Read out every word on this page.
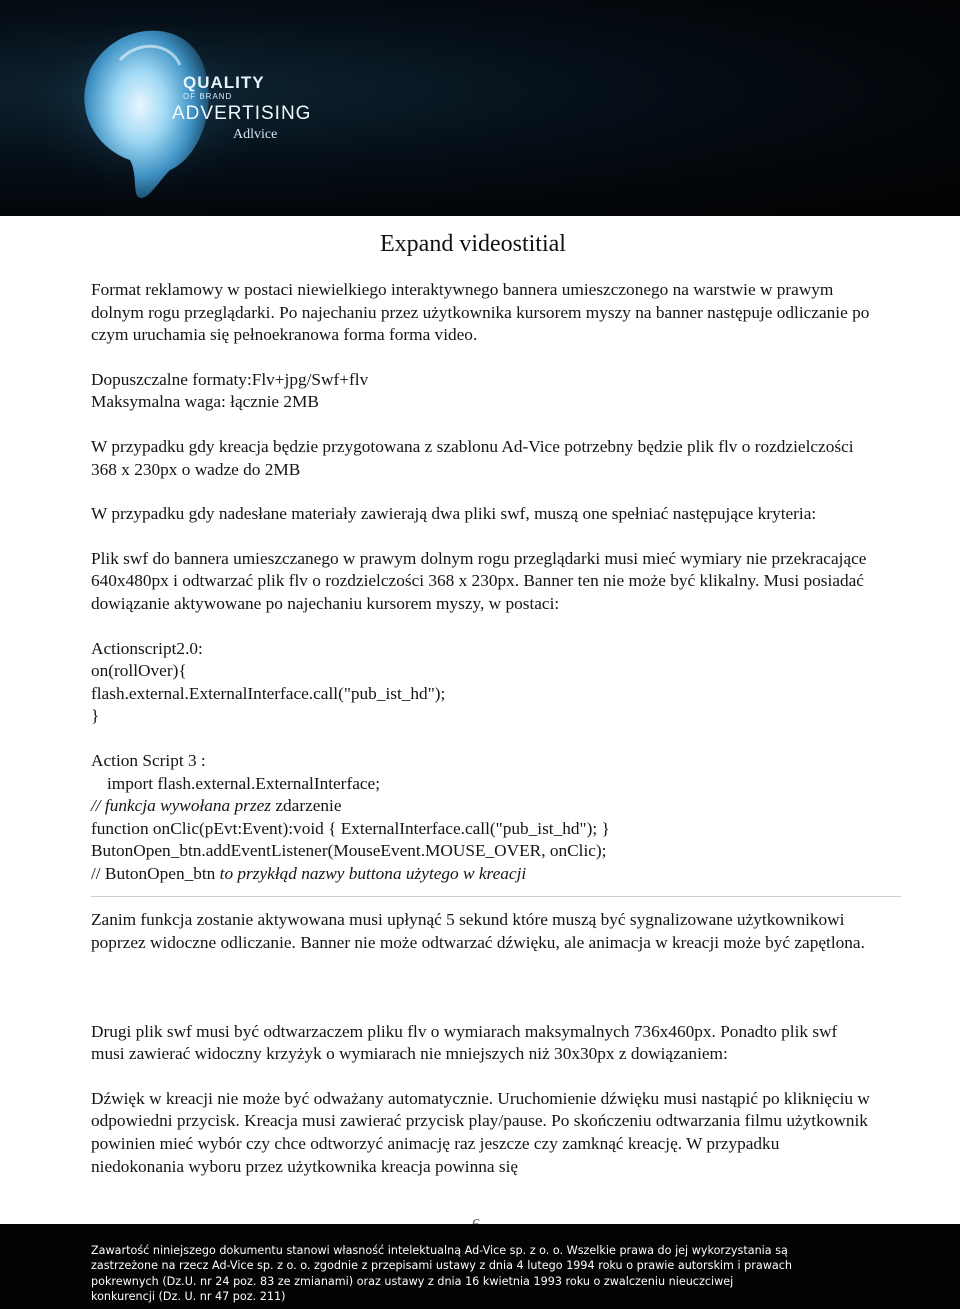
QUALITY
OF BRAND
ADVERTISING
Adlvice
Expand videostitial

Format reklamowy w postaci niewielkiego interaktywnego bannera umieszczonego na warstwie w prawym dolnym rogu przeglądarki. Po najechaniu przez użytkownika kursorem myszy na banner następuje odliczanie po czym uruchamia się pełnoekranowa forma forma video.

Dopuszczalne formaty:Flv+jpg/Swf+flv

Maksymalna waga: łącznie 2MB

W przypadku gdy kreacja będzie przygotowana z szablonu Ad-Vice potrzebny będzie plik flv o rozdzielczości 368 x 230px o wadze do 2MB

W przypadku gdy nadesłane materiały zawierają dwa pliki swf, muszą one spełniać następujące kryteria:

Plik swf do bannera umieszczanego w prawym dolnym rogu przeglądarki musi mieć wymiary nie przekracające 640x480px i odtwarzać plik flv o rozdzielczości 368 x 230px. Banner ten nie może być klikalny. Musi posiadać dowiązanie aktywowane po najechaniu kursorem myszy, w postaci:

Actionscript2.0:

on(rollOver){

flash.external.ExternalInterface.call("pub_ist_hd");

}

Action Script 3 :

import flash.external.ExternalInterface;

// funkcja wywołana przez zdarzenie

function onClic(pEvt:Event):void { ExternalInterface.call("pub_ist_hd"); }

ButonOpen_btn.addEventListener(MouseEvent.MOUSE_OVER, onClic);

// ButonOpen_btn to przykłąd nazwy buttona użytego w kreacji

Zanim funkcja zostanie aktywowana musi upłynąć 5 sekund które muszą być sygnalizowane użytkownikowi poprzez widoczne odliczanie. Banner nie może odtwarzać dźwięku, ale animacja w kreacji może być zapętlona.

Drugi plik swf musi być odtwarzaczem pliku flv o wymiarach maksymalnych 736x460px. Ponadto plik swf musi zawierać widoczny krzyżyk o wymiarach nie mniejszych niż 30x30px z dowiązaniem:

Dźwięk w kreacji nie może być odważany automatycznie. Uruchomienie dźwięku musi nastąpić po kliknięciu w odpowiedni przycisk. Kreacja musi zawierać przycisk play/pause. Po skończeniu odtwarzania filmu użytkownik powinien mieć wybór czy chce odtworzyć animację raz jeszcze czy zamknąć kreację. W przypadku niedokonania wyboru przez użytkownika kreacja powinna się

Zawartość niniejszego dokumentu stanowi własność intelektualną Ad-Vice sp. z o. o. Wszelkie prawa do jej wykorzystania są
zastrzeżone na rzecz Ad-Vice sp. z o. o. zgodnie z przepisami ustawy z dnia 4 lutego 1994 roku o prawie autorskim i prawach
pokrewnych (Dz.U. nr 24 poz. 83 ze zmianami) oraz ustawy z dnia 16 kwietnia 1993 roku o zwalczeniu nieuczciwej
konkurencji (Dz. U. nr 47 poz. 211)
